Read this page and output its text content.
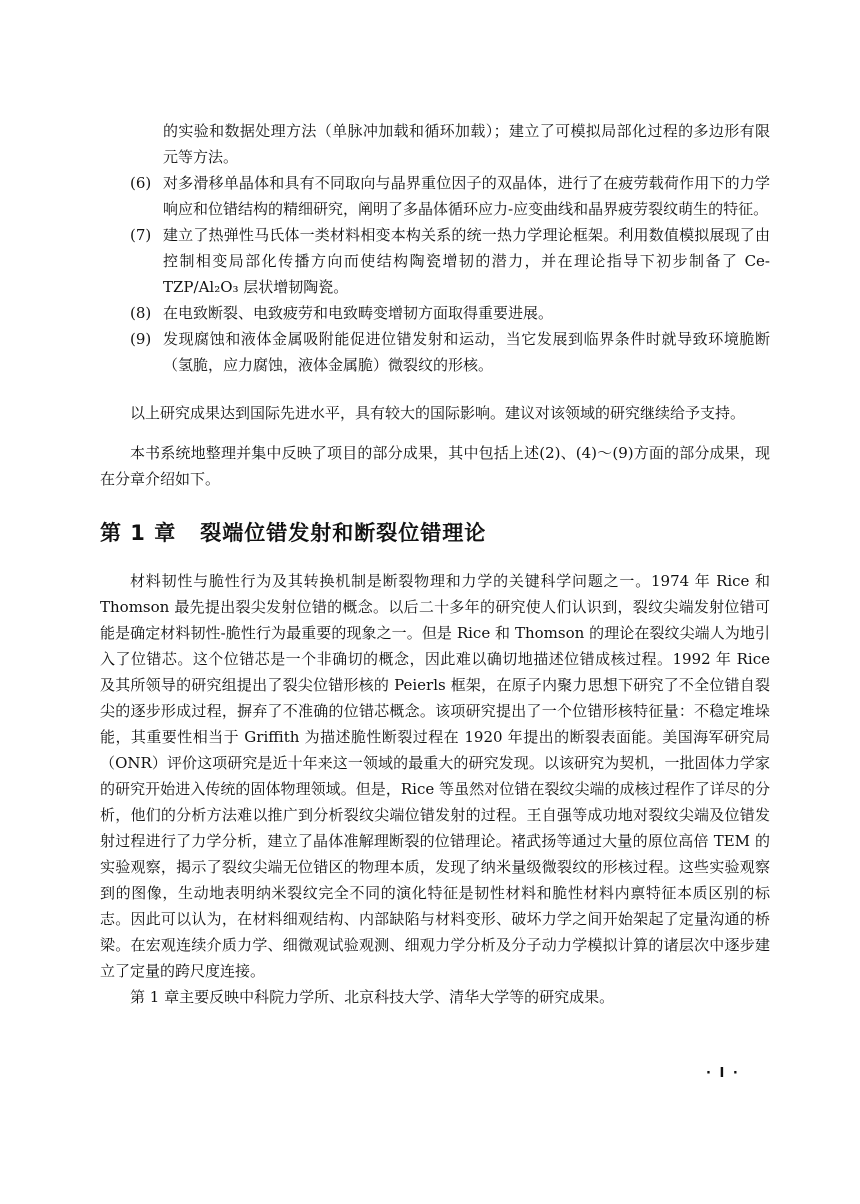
的实验和数据处理方法（单脉冲加载和循环加载）；建立了可模拟局部化过程的多边形有限元等方法。
(6) 对多滑移单晶体和具有不同取向与晶界重位因子的双晶体，进行了在疲劳载荷作用下的力学响应和位错结构的精细研究，阐明了多晶体循环应力-应变曲线和晶界疲劳裂纹萌生的特征。
(7) 建立了热弹性马氏体一类材料相变本构关系的统一热力学理论框架。利用数值模拟展现了由控制相变局部化传播方向而使结构陶瓷增韧的潜力，并在理论指导下初步制备了 Ce-TZP/Al₂O₃ 层状增韧陶瓷。
(8) 在电致断裂、电致疲劳和电致畴变增韧方面取得重要进展。
(9) 发现腐蚀和液体金属吸附能促进位错发射和运动，当它发展到临界条件时就导致环境脆断（氢脆，应力腐蚀，液体金属脆）微裂纹的形核。

以上研究成果达到国际先进水平，具有较大的国际影响。建议对该领域的研究继续给予支持。

本书系统地整理并集中反映了项目的部分成果，其中包括上述(2)、(4)～(9)方面的部分成果，现在分章介绍如下。

第 1 章 裂端位错发射和断裂位错理论

材料韧性与脆性行为及其转换机制是断裂物理和力学的关键科学问题之一。1974 年 Rice 和 Thomson 最先提出裂尖发射位错的概念。以后二十多年的研究使人们认识到，裂纹尖端发射位错可能是确定材料韧性-脆性行为最重要的现象之一。但是 Rice 和 Thomson 的理论在裂纹尖端人为地引入了位错芯。这个位错芯是一个非确切的概念，因此难以确切地描述位错成核过程。1992 年 Rice 及其所领导的研究组提出了裂尖位错形核的 Peierls 框架，在原子内聚力思想下研究了不全位错自裂尖的逐步形成过程，摒弃了不准确的位错芯概念。该项研究提出了一个位错形核特征量：不稳定堆垛能，其重要性相当于 Griffith 为描述脆性断裂过程在 1920 年提出的断裂表面能。美国海军研究局（ONR）评价这项研究是近十年来这一领域的最重大的研究发现。以该研究为契机，一批固体力学家的研究开始进入传统的固体物理领域。但是，Rice 等虽然对位错在裂纹尖端的成核过程作了详尽的分析，他们的分析方法难以推广到分析裂纹尖端位错发射的过程。王自强等成功地对裂纹尖端及位错发射过程进行了力学分析，建立了晶体准解理断裂的位错理论。褚武扬等通过大量的原位高倍 TEM 的实验观察，揭示了裂纹尖端无位错区的物理本质，发现了纳米量级微裂纹的形核过程。这些实验观察到的图像，生动地表明纳米裂纹完全不同的演化特征是韧性材料和脆性材料内禀特征本质区别的标志。因此可以认为，在材料细观结构、内部缺陷与材料变形、破坏力学之间开始架起了定量沟通的桥梁。在宏观连续介质力学、细微观试验观测、细观力学分析及分子动力学模拟计算的诸层次中逐步建立了定量的跨尺度连接。

第 1 章主要反映中科院力学所、北京科技大学、清华大学等的研究成果。

· Ⅰ ·
